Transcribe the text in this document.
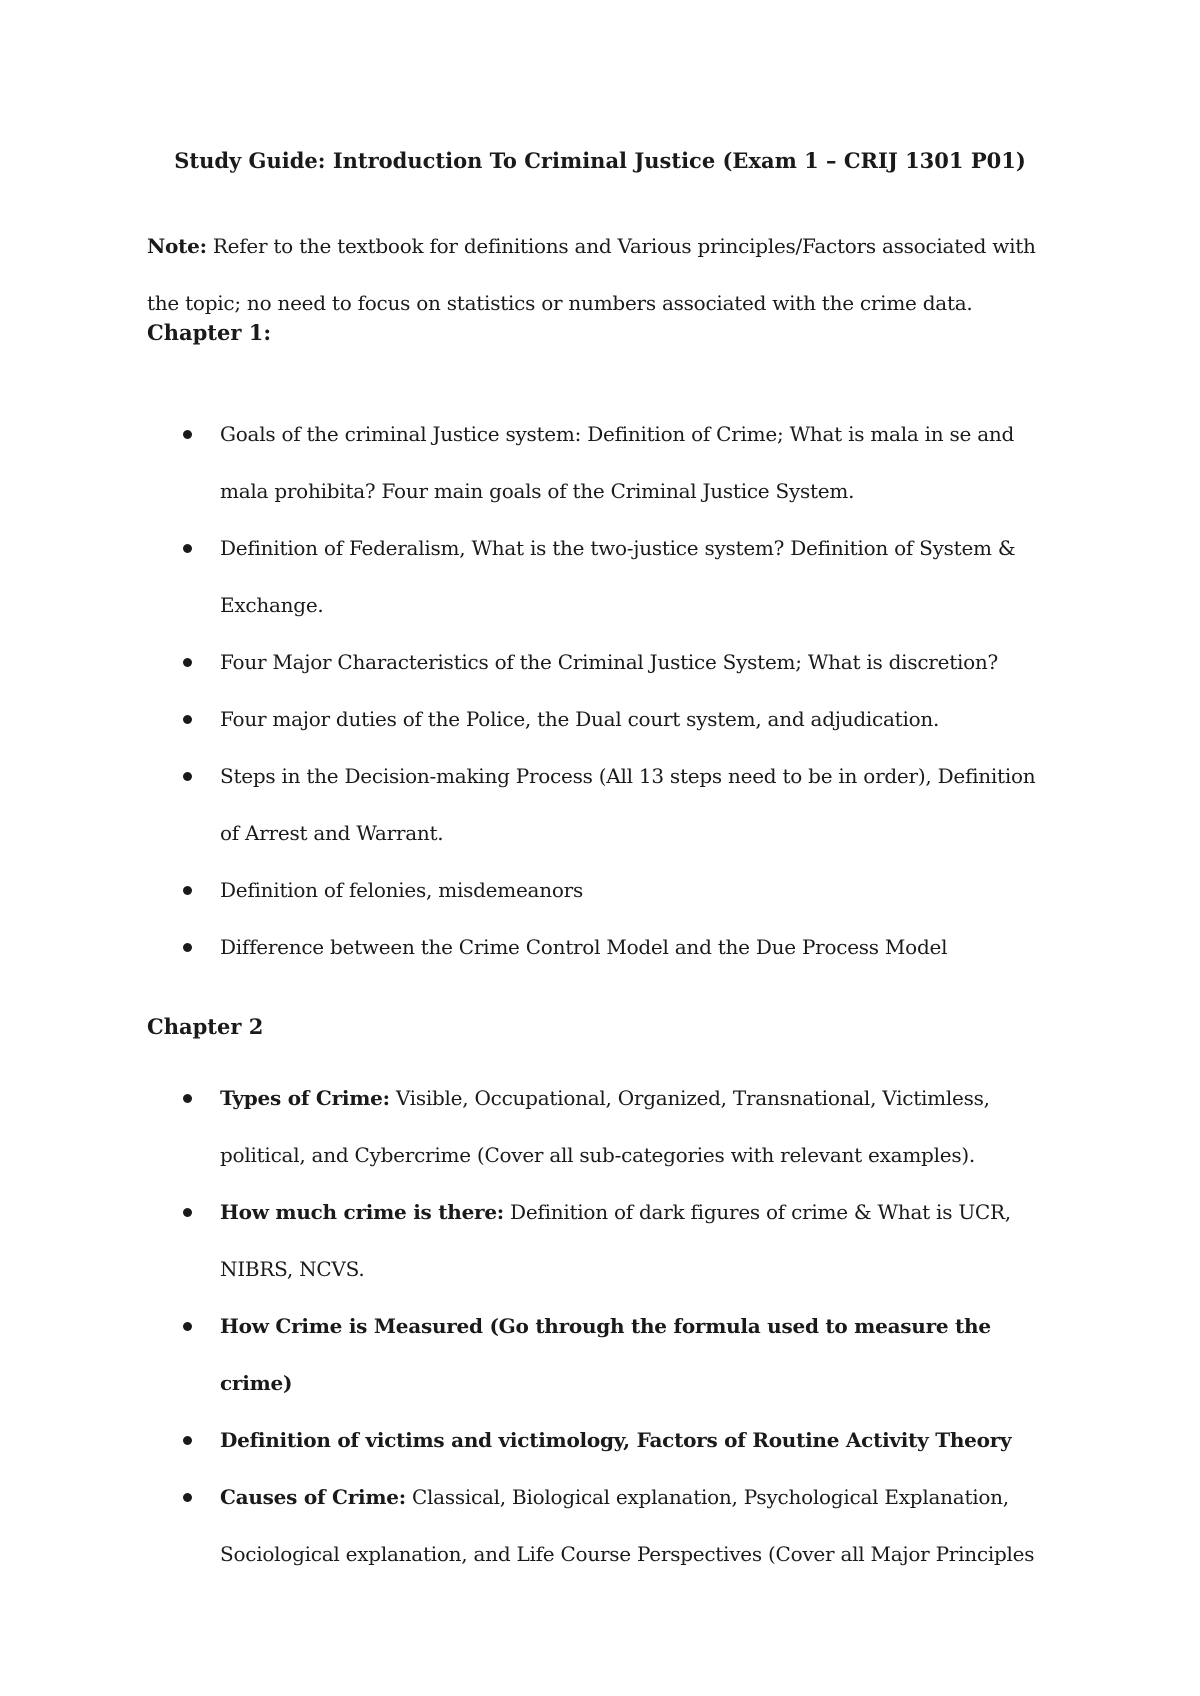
Study Guide: Introduction To Criminal Justice (Exam 1 – CRIJ 1301 P01)

Note: Refer to the textbook for definitions and Various principles/Factors associated with the topic; no need to focus on statistics or numbers associated with the crime data.

Chapter 1:
Goals of the criminal Justice system: Definition of Crime; What is mala in se and mala prohibita? Four main goals of the Criminal Justice System.
Definition of Federalism, What is the two-justice system? Definition of System & Exchange.
Four Major Characteristics of the Criminal Justice System; What is discretion?
Four major duties of the Police, the Dual court system, and adjudication.
Steps in the Decision-making Process (All 13 steps need to be in order), Definition of Arrest and Warrant.
Definition of felonies, misdemeanors
Difference between the Crime Control Model and the Due Process Model
Chapter 2
Types of Crime: Visible, Occupational, Organized, Transnational, Victimless, political, and Cybercrime (Cover all sub-categories with relevant examples).
How much crime is there: Definition of dark figures of crime & What is UCR, NIBRS, NCVS.
How Crime is Measured (Go through the formula used to measure the crime)
Definition of victims and victimology, Factors of Routine Activity Theory
Causes of Crime: Classical, Biological explanation, Psychological Explanation, Sociological explanation, and Life Course Perspectives (Cover all Major Principles
